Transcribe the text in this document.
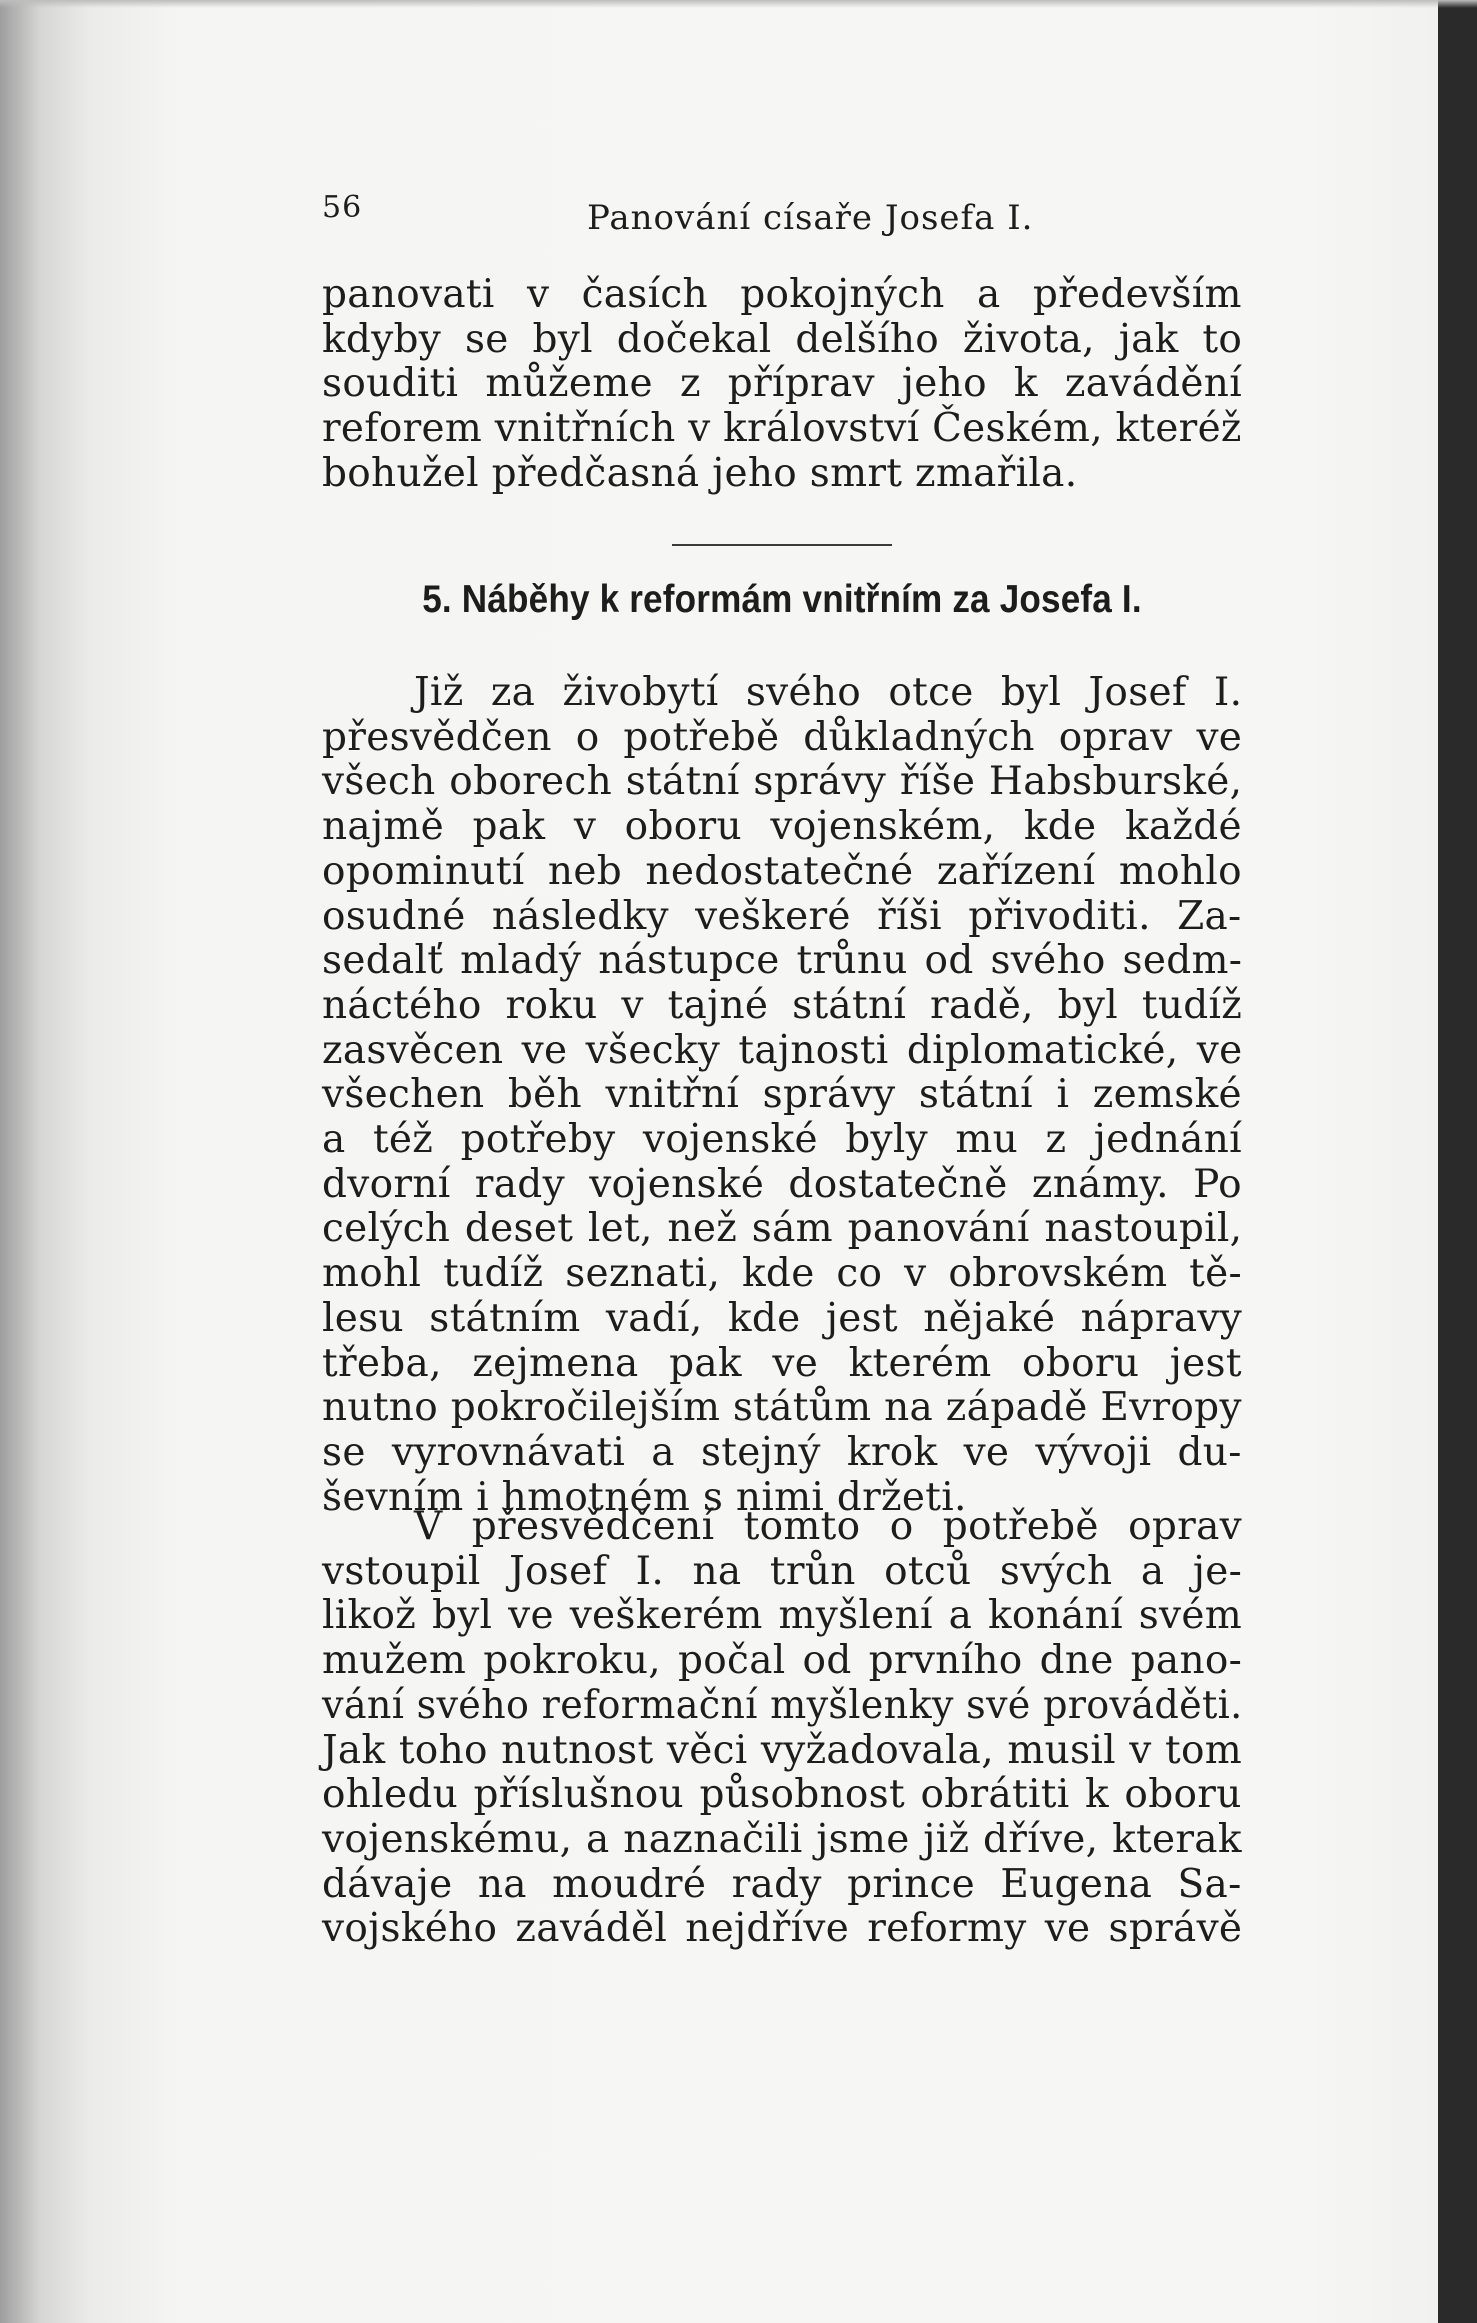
56	Panování císaře Josefa I.
panovati v časích pokojných a především
kdyby se byl dočekal delšího života, jak to
souditi můžeme z příprav jeho k zavádění
reforem vnitřních v království Českém, kteréž
bohužel předčasná jeho smrt zmařila.
5. Náběhy k reformám vnitřním za Josefa I.
Již za živobytí svého otce byl Josef I.
přesvědčen o potřebě důkladných oprav ve
všech oborech státní správy říše Habsburské,
najmě pak v oboru vojenském, kde každé
opominutí neb nedostatečné zařízení mohlo
osudné následky veškeré říši přivoditi. Za-
sedalť mladý nástupce trůnu od svého sedm-
náctého roku v tajné státní radě, byl tudíž
zasvěcen ve všecky tajnosti diplomatické, ve
všechen běh vnitřní správy státní i zemské
a též potřeby vojenské byly mu z jednání
dvorní rady vojenské dostatečně známy. Po
celých deset let, než sám panování nastoupil,
mohl tudíž seznati, kde co v obrovském tě-
lesu státním vadí, kde jest nějaké nápravy
třeba, zejmena pak ve kterém oboru jest
nutno pokročilejším státům na západě Evropy
se vyrovnávati a stejný krok ve vývoji du-
ševním i hmotném s nimi držeti.
V přesvědčení tomto o potřebě oprav
vstoupil Josef I. na trůn otců svých a je-
likož byl ve veškerém myšlení a konání svém
mužem pokroku, počal od prvního dne pano-
vání svého reformační myšlenky své prováděti.
Jak toho nutnost věci vyžadovala, musil v tom
ohledu příslušnou působnost obrátiti k oboru
vojenskému, a naznačili jsme již dříve, kterak
dávaje na moudré rady prince Eugena Sa-
vojského zaváděl nejdříve reformy ve správě
